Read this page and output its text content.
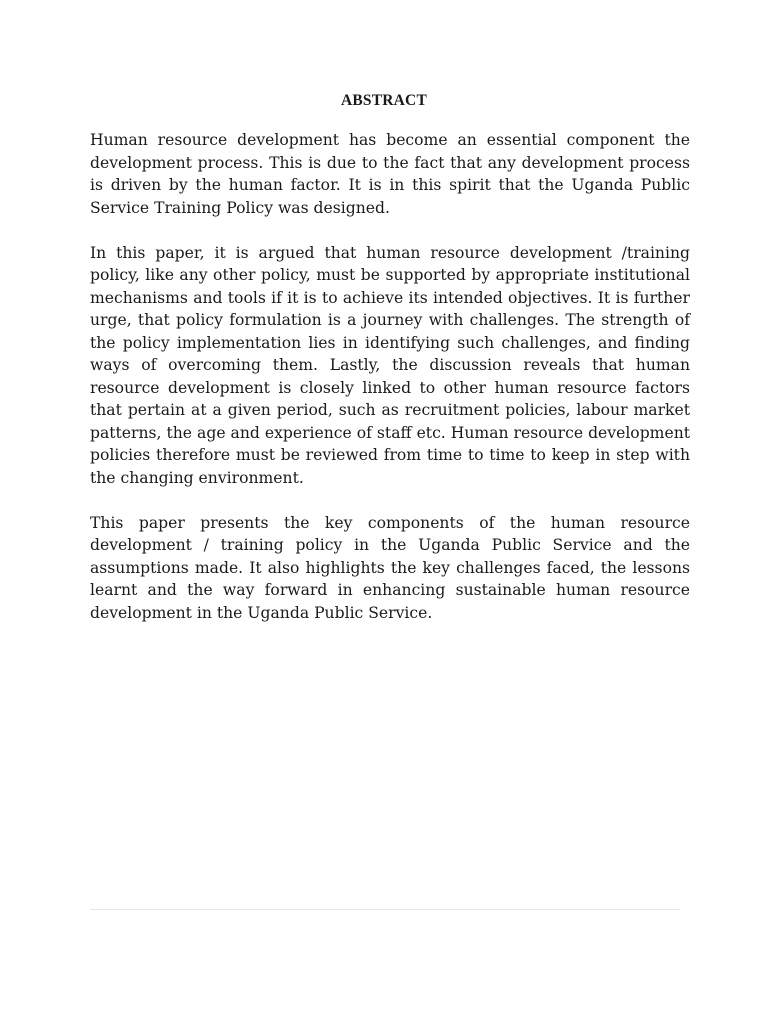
ABSTRACT

Human resource development has become an essential component the development process. This is due to the fact that any development process is driven by the human factor. It is in this spirit that the Uganda Public Service Training Policy was designed.

In this paper, it is argued that human resource development /training policy, like any other policy, must be supported by appropriate institutional mechanisms and tools if it is to achieve its intended objectives. It is further urge, that policy formulation is a journey with challenges. The strength of the policy implementation lies in identifying such challenges, and finding ways of overcoming them. Lastly, the discussion reveals that human resource development is closely linked to other human resource factors that pertain at a given period, such as recruitment policies, labour market patterns, the age and experience of staff etc. Human resource development policies therefore must be reviewed from time to time to keep in step with the changing environment.

This paper presents the key components of the human resource development / training policy in the Uganda Public Service and the assumptions made. It also highlights the key challenges faced, the lessons learnt and the way forward in enhancing sustainable human resource development in the Uganda Public Service.
